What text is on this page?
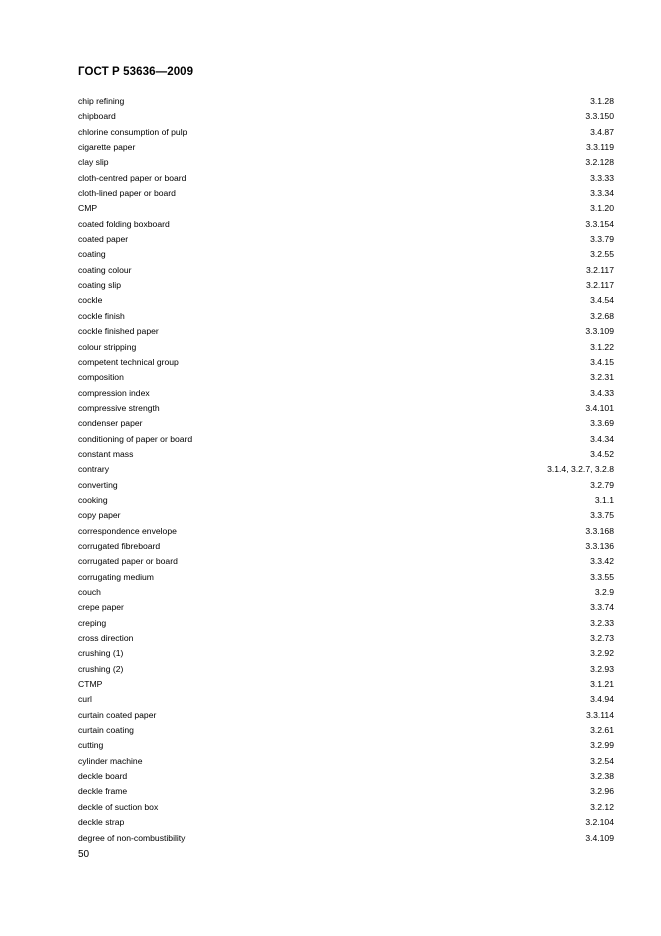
ГОСТ Р 53636—2009
chip refining	3.1.28
chipboard	3.3.150
chlorine consumption of pulp	3.4.87
cigarette paper	3.3.119
clay slip	3.2.128
cloth-centred paper or board	3.3.33
cloth-lined paper or board	3.3.34
CMP	3.1.20
coated folding boxboard	3.3.154
coated paper	3.3.79
coating	3.2.55
coating colour	3.2.117
coating slip	3.2.117
cockle	3.4.54
cockle finish	3.2.68
cockle finished paper	3.3.109
colour stripping	3.1.22
competent technical group	3.4.15
composition	3.2.31
compression index	3.4.33
compressive strength	3.4.101
condenser paper	3.3.69
conditioning of paper or board	3.4.34
constant mass	3.4.52
contrary	3.1.4, 3.2.7, 3.2.8
converting	3.2.79
cooking	3.1.1
copy paper	3.3.75
correspondence envelope	3.3.168
corrugated fibreboard	3.3.136
corrugated paper or board	3.3.42
corrugating medium	3.3.55
couch	3.2.9
crepe paper	3.3.74
creping	3.2.33
cross direction	3.2.73
crushing (1)	3.2.92
crushing (2)	3.2.93
CTMP	3.1.21
curl	3.4.94
curtain coated paper	3.3.114
curtain coating	3.2.61
cutting	3.2.99
cylinder machine	3.2.54
deckle board	3.2.38
deckle frame	3.2.96
deckle of suction box	3.2.12
deckle strap	3.2.104
degree of non-combustibility	3.4.109
50
